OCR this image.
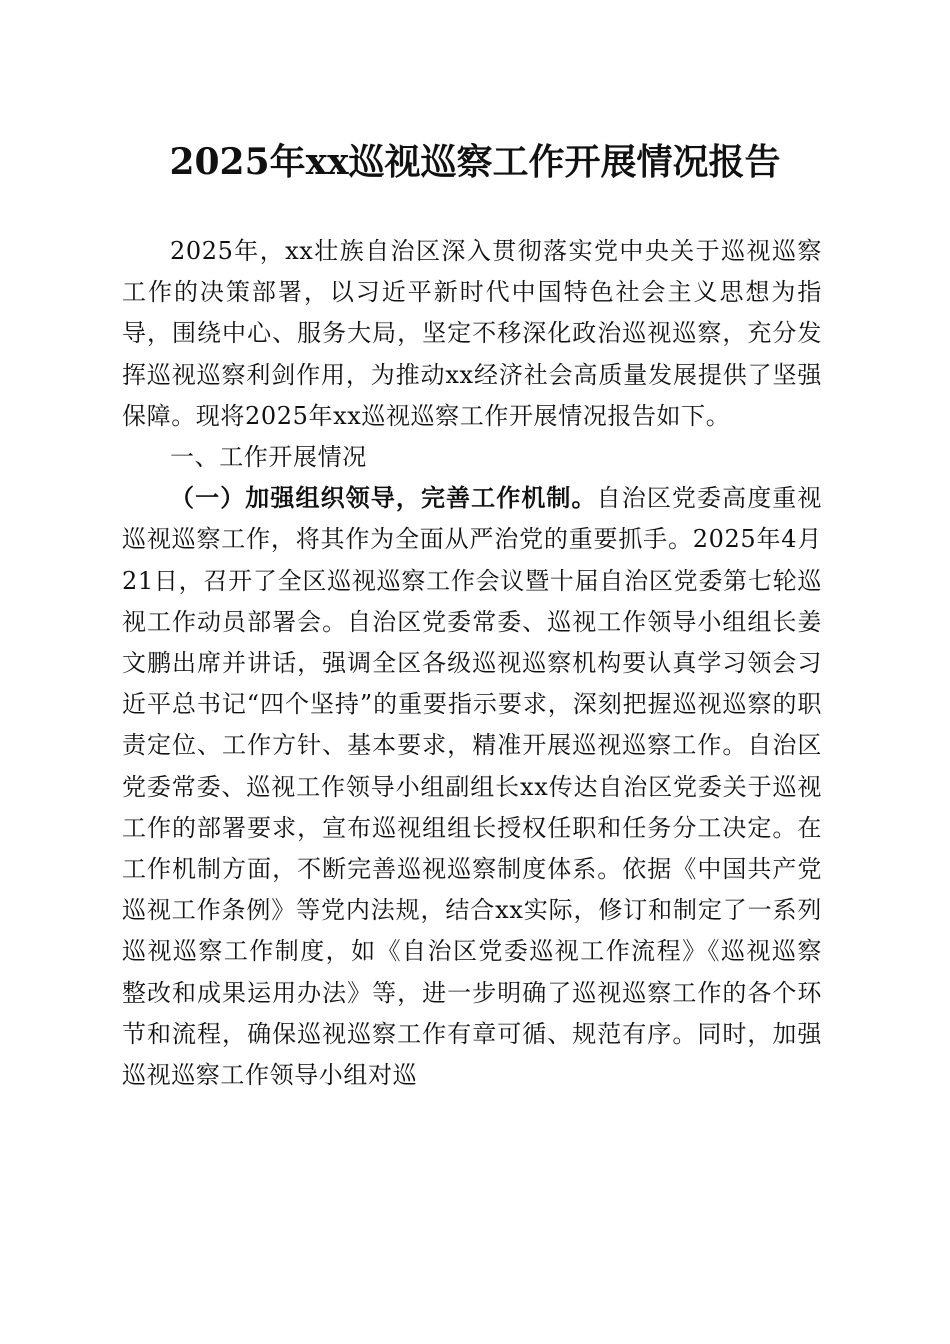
2025年xx巡视巡察工作开展情况报告

2025年，xx壮族自治区深入贯彻落实党中央关于巡视巡察工作的决策部署，以习近平新时代中国特色社会主义思想为指导，围绕中心、服务大局，坚定不移深化政治巡视巡察，充分发挥巡视巡察利剑作用，为推动xx经济社会高质量发展提供了坚强保障。现将2025年xx巡视巡察工作开展情况报告如下。

一、工作开展情况

（一）加强组织领导，完善工作机制。自治区党委高度重视巡视巡察工作，将其作为全面从严治党的重要抓手。2025年4月21日，召开了全区巡视巡察工作会议暨十届自治区党委第七轮巡视工作动员部署会。自治区党委常委、巡视工作领导小组组长姜文鹏出席并讲话，强调全区各级巡视巡察机构要认真学习领会习近平总书记“四个坚持”的重要指示要求，深刻把握巡视巡察的职责定位、工作方针、基本要求，精准开展巡视巡察工作。自治区党委常委、巡视工作领导小组副组长xx传达自治区党委关于巡视工作的部署要求，宣布巡视组组长授权任职和任务分工决定。在工作机制方面，不断完善巡视巡察制度体系。依据《中国共产党巡视工作条例》等党内法规，结合xx实际，修订和制定了一系列巡视巡察工作制度，如《自治区党委巡视工作流程》《巡视巡察整改和成果运用办法》等，进一步明确了巡视巡察工作的各个环节和流程，确保巡视巡察工作有章可循、规范有序。同时，加强巡视巡察工作领导小组对巡
